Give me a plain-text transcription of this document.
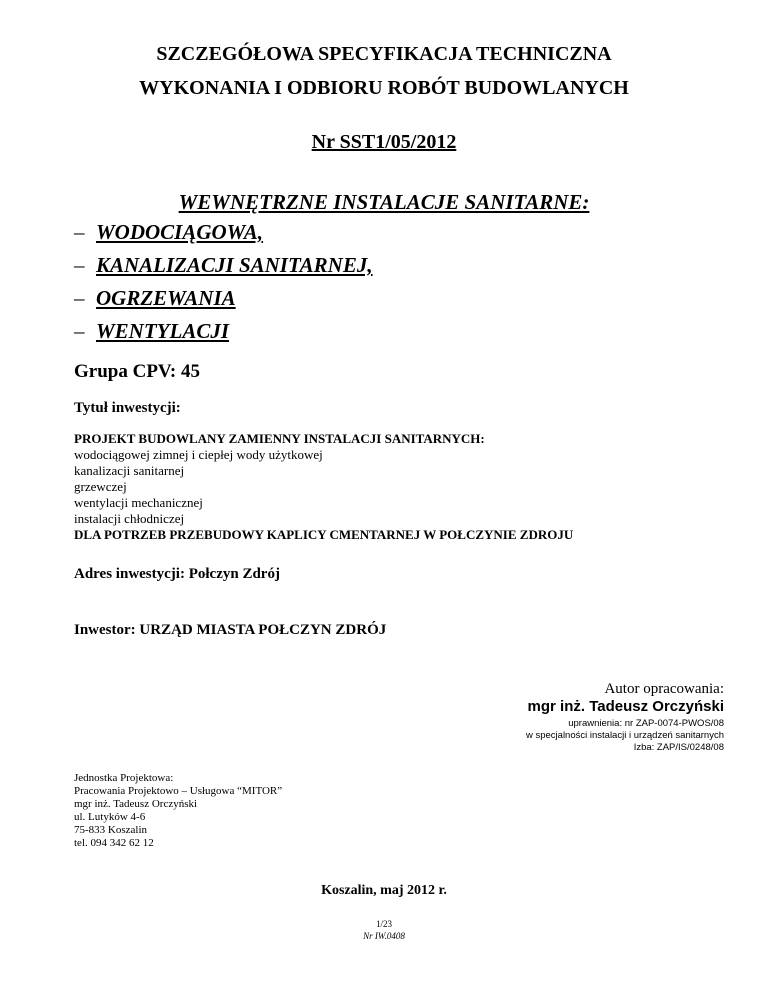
SZCZEGÓŁOWA SPECYFIKACJA TECHNICZNA
WYKONANIA I ODBIORU ROBÓT BUDOWLANYCH
Nr SST1/05/2012
WEWNĘTRZNE INSTALACJE SANITARNE:
– WODOCIĄGOWA,
– KANALIZACJI SANITARNEJ,
– OGRZEWANIA
– WENTYLACJI
Grupa CPV: 45
Tytuł inwestycji:
PROJEKT BUDOWLANY ZAMIENNY INSTALACJI SANITARNYCH:
wodociągowej zimnej i ciepłej wody użytkowej
kanalizacji sanitarnej
grzewczej
wentylacji mechanicznej
instalacji chłodniczej
DLA POTRZEB PRZEBUDOWY KAPLICY CMENTARNEJ W POŁCZYNIE ZDROJU
Adres inwestycji: Połczyn Zdrój
Inwestor: URZĄD MIASTA POŁCZYN ZDRÓJ
Autor opracowania:
mgr inż. Tadeusz Orczyński
uprawnienia: nr ZAP-0074-PWOS/08
w specjalności instalacji i urządzeń sanitarnych
Izba: ZAP/IS/0248/08
Jednostka Projektowa:
Pracowania Projektowo – Usługowa “MITOR”
mgr inż. Tadeusz Orczyński
ul. Lutyków 4-6
75-833 Koszalin
tel. 094 342 62 12
Koszalin, maj 2012 r.
1/23
Nr IW.0408
